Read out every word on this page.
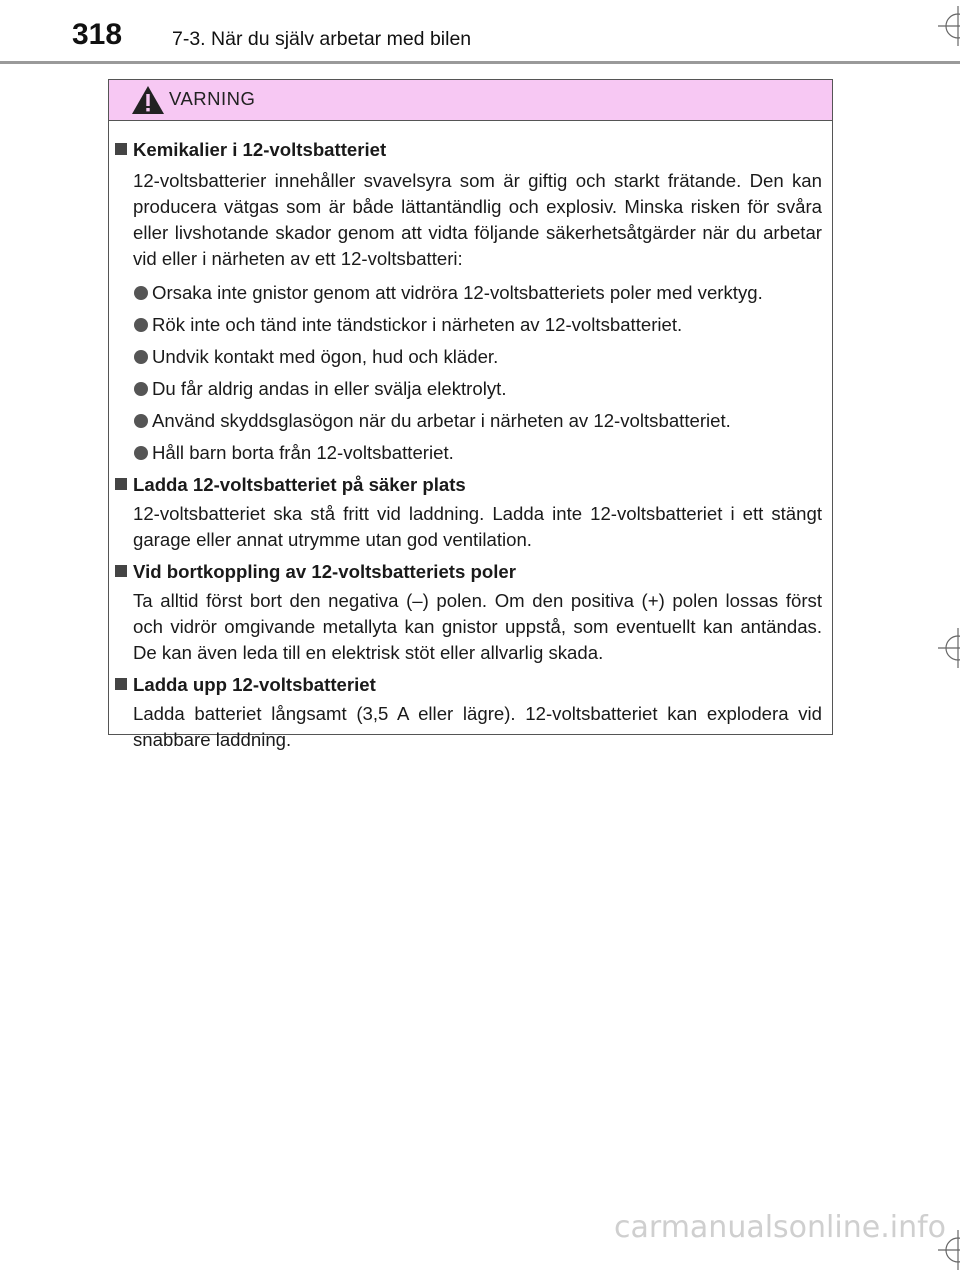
318	7-3. När du själv arbetar med bilen
VARNING
Kemikalier i 12-voltsbatteriet
12-voltsbatterier innehåller svavelsyra som är giftig och starkt frätande. Den kan producera vätgas som är både lättantändlig och explosiv. Minska risken för svåra eller livshotande skador genom att vidta följande säkerhetsåtgärder när du arbetar vid eller i närheten av ett 12-voltsbatteri:
Orsaka inte gnistor genom att vidröra 12-voltsbatteriets poler med verktyg.
Rök inte och tänd inte tändstickor i närheten av 12-voltsbatteriet.
Undvik kontakt med ögon, hud och kläder.
Du får aldrig andas in eller svälja elektrolyt.
Använd skyddsglasögon när du arbetar i närheten av 12-voltsbatteriet.
Håll barn borta från 12-voltsbatteriet.
Ladda 12-voltsbatteriet på säker plats
12-voltsbatteriet ska stå fritt vid laddning. Ladda inte 12-voltsbatteriet i ett stängt garage eller annat utrymme utan god ventilation.
Vid bortkoppling av 12-voltsbatteriets poler
Ta alltid först bort den negativa (–) polen. Om den positiva (+) polen lossas först och vidrör omgivande metallyta kan gnistor uppstå, som eventuellt kan antändas. De kan även leda till en elektrisk stöt eller allvarlig skada.
Ladda upp 12-voltsbatteriet
Ladda batteriet långsamt (3,5 A eller lägre). 12-voltsbatteriet kan explodera vid snabbare laddning.
carmanualsonline.info
